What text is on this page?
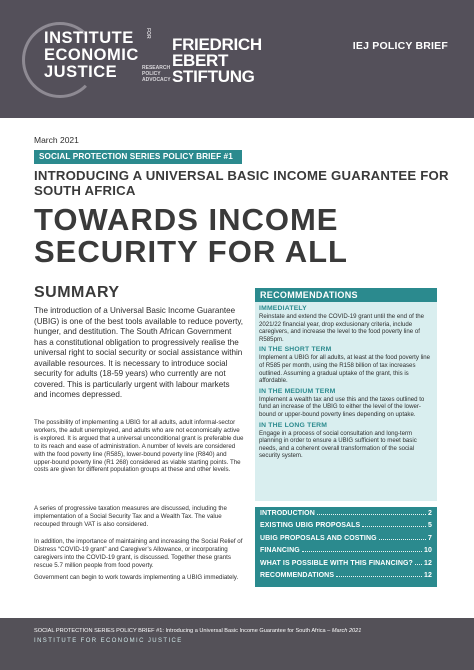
INSTITUTE
ECONOMIC
JUSTICE
FOR
RESEARCH
POLICY
ADVOCACY
FRIEDRICH
EBERT
STIFTUNG
IEJ POLICY BRIEF
March 2021
SOCIAL PROTECTION SERIES POLICY BRIEF #1
INTRODUCING A UNIVERSAL BASIC INCOME GUARANTEE FOR SOUTH AFRICA
TOWARDS INCOME SECURITY FOR ALL
SUMMARY
The introduction of a Universal Basic Income Guarantee (UBIG) is one of the best tools available to reduce poverty, hunger, and destitution. The South African Government has a constitutional obligation to progressively realise the universal right to social security or social assistance within available resources. It is necessary to introduce social security for adults (18-59 years) who currently are not covered. This is particularly urgent with labour markets and incomes depressed.
The possibility of implementing a UBIG for all adults, adult informal-sector workers, the adult unemployed, and adults who are not economically active is explored. It is argued that a universal unconditional grant is preferable due to its reach and ease of administration. A number of levels are considered with the food poverty line (R585), lower-bound poverty line (R840) and upper-bound poverty line (R1 268) considered as viable starting points. The costs are given for different population groups at these and other levels.
A series of progressive taxation measures are discussed, including the implementation of a Social Security Tax and a Wealth Tax. The value recouped through VAT is also considered.
In addition, the importance of maintaining and increasing the Social Relief of Distress “COVID-19 grant” and Caregiver’s Allowance, or incorporating caregivers into the COVID-19 grant, is discussed. Together these grants rescue 5.7 million people from food poverty.
Government can begin to work towards implementing a UBIG immediately.
RECOMMENDATIONS
IMMEDIATELY
Reinstate and extend the COVID-19 grant until the end of the 2021/22 financial year, drop exclusionary criteria, include caregivers, and increase the level to the food poverty line of R585pm.
IN THE SHORT TERM
Implement a UBIG for all adults, at least at the food poverty line of R585 per month, using the R158 billion of tax increases outlined. Assuming a gradual uptake of the grant, this is affordable.
IN THE MEDIUM TERM
Implement a wealth tax and use this and the taxes outlined to fund an increase of the UBIG to either the level of the lower-bound or upper-bound poverty lines depending on uptake.
IN THE LONG TERM
Engage in a process of social consultation and long-term planning in order to ensure a UBIG sufficient to meet basic needs, and a coherent overall transformation of the social security system.
INTRODUCTION	2
EXISTING UBIG PROPOSALS	5
UBIG PROPOSALS AND COSTING	7
FINANCING	10
WHAT IS POSSIBLE WITH THIS FINANCING? 12
RECOMMENDATIONS	12
SOCIAL PROTECTION SERIES POLICY BRIEF #1: Introducing a Universal Basic Income Guarantee for South Africa – March 2021
INSTITUTE FOR ECONOMIC JUSTICE
